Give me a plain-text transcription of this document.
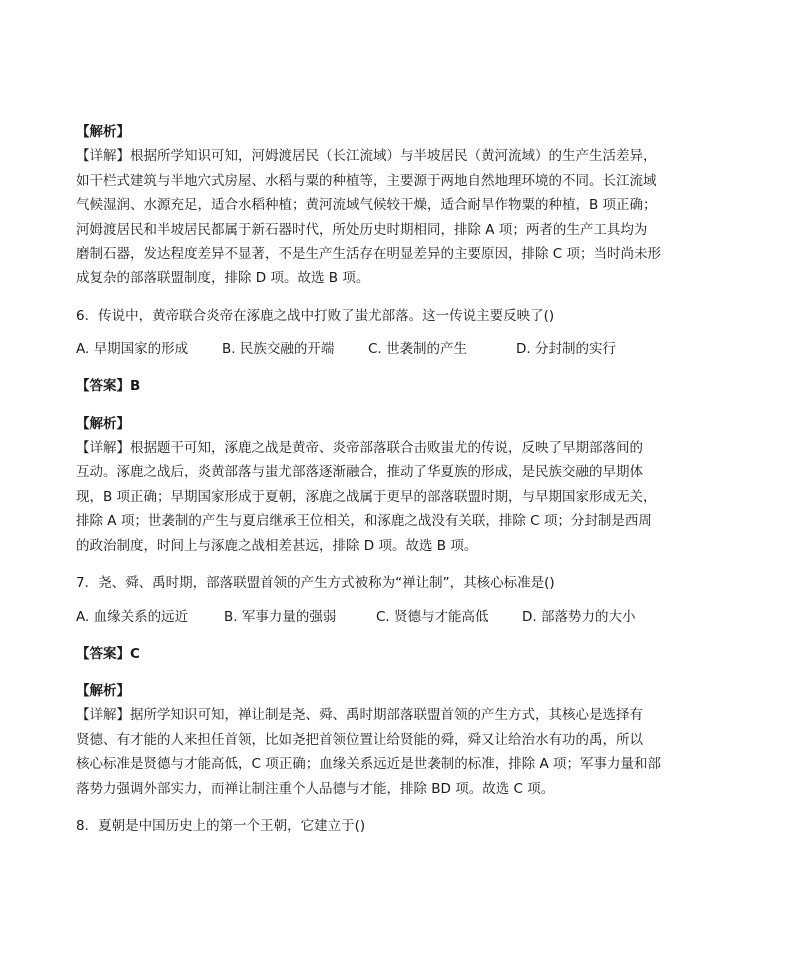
【解析】
【详解】根据所学知识可知，河姆渡居民（长江流域）与半坡居民（黄河流域）的生产生活差异，
如干栏式建筑与半地穴式房屋、水稻与粟的种植等，主要源于两地自然地理环境的不同。长江流域
气候湿润、水源充足，适合水稻种植；黄河流域气候较干燥，适合耐旱作物粟的种植，B 项正确；
河姆渡居民和半坡居民都属于新石器时代，所处历史时期相同，排除 A 项；两者的生产工具均为
磨制石器，发达程度差异不显著，不是生产生活存在明显差异的主要原因，排除 C 项；当时尚未形
成复杂的部落联盟制度，排除 D 项。故选 B 项。
6．传说中，黄帝联合炎帝在涿鹿之战中打败了蚩尤部落。这一传说主要反映了()
A. 早期国家的形成	B. 民族交融的开端	C. 世袭制的产生	D. 分封制的实行
【答案】B
【解析】
【详解】根据题干可知，涿鹿之战是黄帝、炎帝部落联合击败蚩尤的传说，反映了早期部落间的
互动。涿鹿之战后，炎黄部落与蚩尤部落逐渐融合，推动了华夏族的形成，是民族交融的早期体
现，B 项正确；早期国家形成于夏朝，涿鹿之战属于更早的部落联盟时期，与早期国家形成无关，
排除 A 项；世袭制的产生与夏启继承王位相关，和涿鹿之战没有关联，排除 C 项；分封制是西周
的政治制度，时间上与涿鹿之战相差甚远，排除 D 项。故选 B 项。
7．尧、舜、禹时期，部落联盟首领的产生方式被称为“禅让制”，其核心标准是()
A. 血缘关系的远近	B. 军事力量的强弱	C. 贤德与才能高低	D. 部落势力的大小
【答案】C
【解析】
【详解】据所学知识可知，禅让制是尧、舜、禹时期部落联盟首领的产生方式，其核心是选择有
贤德、有才能的人来担任首领，比如尧把首领位置让给贤能的舜，舜又让给治水有功的禹，所以
核心标准是贤德与才能高低，C 项正确；血缘关系远近是世袭制的标准，排除 A 项；军事力量和部
落势力强调外部实力，而禅让制注重个人品德与才能，排除 BD 项。故选 C 项。
8．夏朝是中国历史上的第一个王朝，它建立于()
